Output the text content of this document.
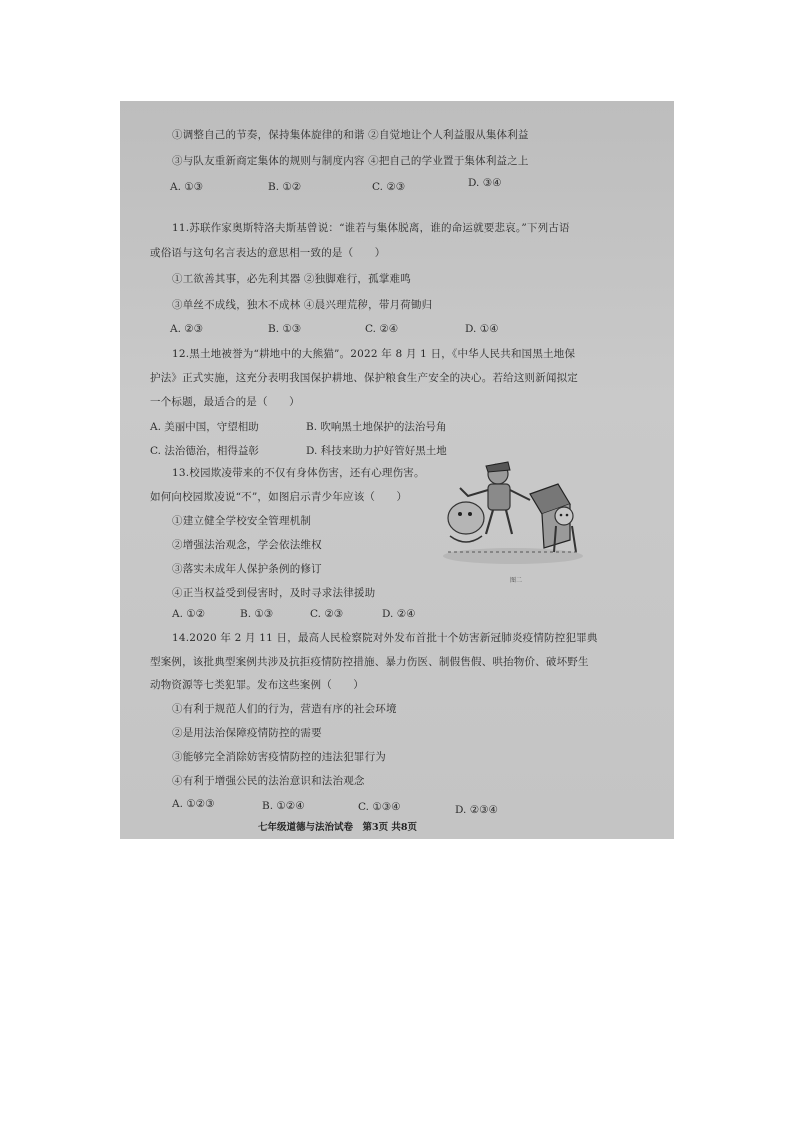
①调整自己的节奏，保持集体旋律的和谐 ②自觉地让个人利益服从集体利益
③与队友重新商定集体的规则与制度内容 ④把自己的学业置于集体利益之上
A. ①③	B. ①②	C. ②③	D. ③④
11.苏联作家奥斯特洛夫斯基曾说：“谁若与集体脱离，谁的命运就要悲哀。”下列古语
或俗语与这句名言表达的意思相一致的是（　　）
①工欲善其事，必先利其器 ②独脚难行，孤掌难鸣
③单丝不成线，独木不成林 ④晨兴理荒秽，带月荷锄归
A. ②③	B. ①③	C. ②④	D. ①④
12.黑土地被誉为“耕地中的大熊猫”。2022 年 8 月 1 日，《中华人民共和国黑土地保
护法》正式实施，这充分表明我国保护耕地、保护粮食生产安全的决心。若给这则新闻拟定
一个标题，最适合的是（　　）
A. 美丽中国，守望相助	B. 吹响黑土地保护的法治号角
C. 法治德治，相得益彰	D. 科技来助力护好管好黑土地
13.校园欺凌带来的不仅有身体伤害，还有心理伤害。
如何向校园欺凌说“不”，如图启示青少年应该（　　）
①建立健全学校安全管理机制
②增强法治观念，学会依法维权
③落实未成年人保护条例的修订
④正当权益受到侵害时，及时寻求法律援助
A. ①②	B. ①③	C. ②③	D. ②④
14.2020 年 2 月 11 日，最高人民检察院对外发布首批十个妨害新冠肺炎疫情防控犯罪典
型案例，该批典型案例共涉及抗拒疫情防控措施、暴力伤医、制假售假、哄抬物价、破坏野生
动物资源等七类犯罪。发布这些案例（　　）
①有利于规范人们的行为，营造有序的社会环境
②是用法治保障疫情防控的需要
③能够完全消除妨害疫情防控的违法犯罪行为
④有利于增强公民的法治意识和法治观念
A. ①②③	B. ①②④	C. ①③④	D. ②③④
图二
七年级道德与法治试卷　第3页 共8页
